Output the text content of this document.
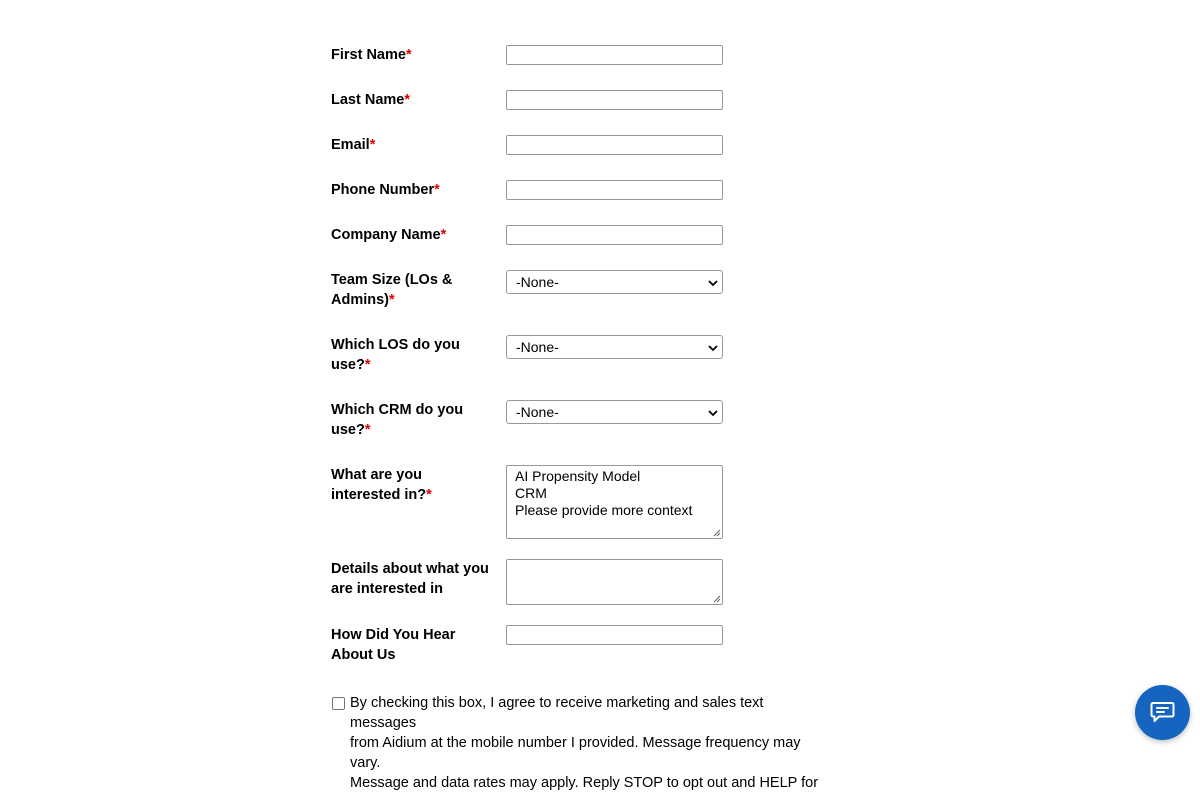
First Name*
Last Name*
Email*
Phone Number*
Company Name*
Team Size (LOs &
Admins)*
-None-
Which LOS do you
use?*
-None-
Which CRM do you
use?*
-None-
What are you
interested in?*
AI Propensity Model
CRM
Please provide more context
Details about what you
are interested in
How Did You Hear
About Us
By checking this box, I agree to receive marketing and sales text messages
from Aidium at the mobile number I provided. Message frequency may vary.
Message and data rates may apply. Reply STOP to opt out and HELP for
